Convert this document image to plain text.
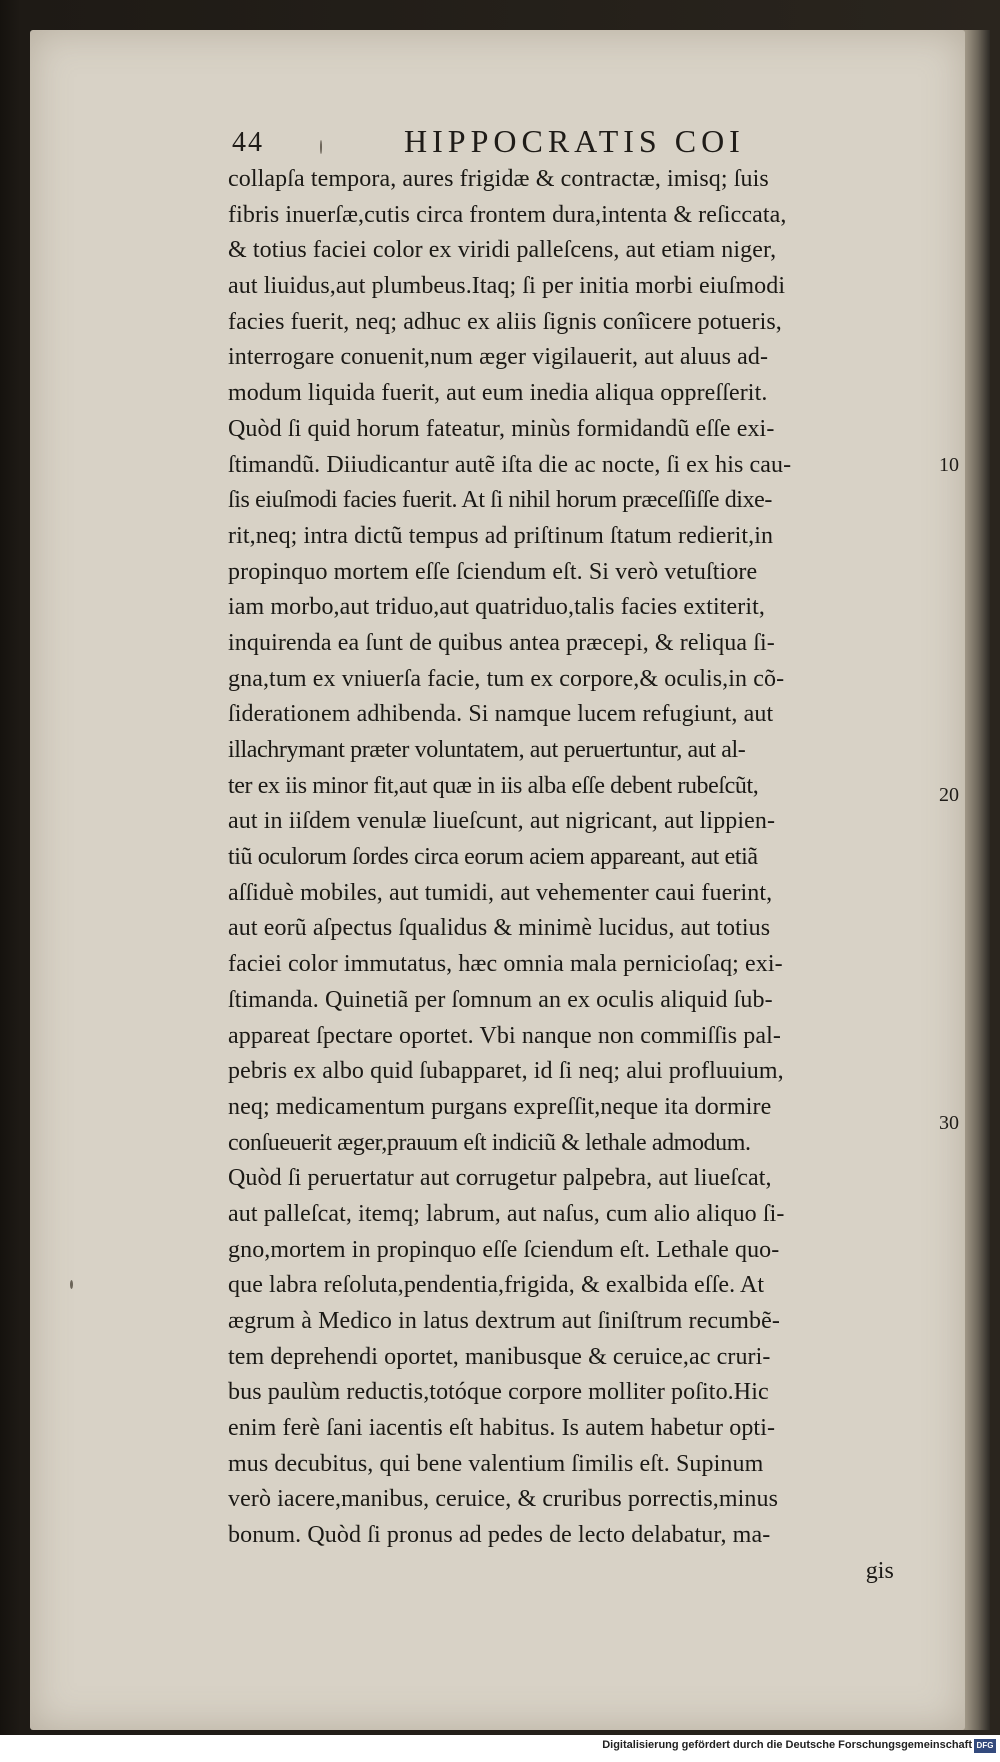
44	HIPPOCRATIS COI
collapſa tempora, aures frigidæ & contractæ, imisq; ſuis
fibris inuerſæ,cutis circa frontem dura,intenta & reſiccata,
& totius faciei color ex viridi palleſcens, aut etiam niger,
aut liuidus,aut plumbeus.Itaq; ſi per initia morbi eiuſmodi
facies fuerit, neq; adhuc ex aliis ſignis conîicere potueris,
interrogare conuenit,num æger vigilauerit, aut aluus ad-
modum liquida fuerit, aut eum inedia aliqua oppreſſerit.
Quòd ſi quid horum fateatur, minùs formidandũ eſſe exi-
ſtimandũ. Diiudicantur autẽ iſta die ac nocte, ſi ex his cau-
ſis eiuſmodi facies fuerit. At ſi nihil horum præceſſiſſe dixe-
rit,neq; intra dictũ tempus ad priſtinum ſtatum redierit,in
propinquo mortem eſſe ſciendum eſt. Si verò vetuſtiore
iam morbo,aut triduo,aut quatriduo,talis facies extiterit,
inquirenda ea ſunt de quibus antea præcepi, & reliqua ſi-
gna,tum ex vniuerſa facie, tum ex corpore,& oculis,in cõ-
ſiderationem adhibenda. Si namque lucem refugiunt, aut
illachrymant præter voluntatem, aut peruertuntur, aut al-
ter ex iis minor fit,aut quæ in iis alba eſſe debent rubeſcũt,
aut in iiſdem venulæ liueſcunt, aut nigricant, aut lippien-
tiũ oculorum ſordes circa eorum aciem appareant, aut etiã
aſſiduè mobiles, aut tumidi, aut vehementer caui fuerint,
aut eorũ aſpectus ſqualidus & minimè lucidus, aut totius
faciei color immutatus, hæc omnia mala pernicioſaq; exi-
ſtimanda. Quinetiã per ſomnum an ex oculis aliquid ſub-
appareat ſpectare oportet. Vbi nanque non commiſſis pal-
pebris ex albo quid ſubapparet, id ſi neq; alui profluuium,
neq; medicamentum purgans expreſſit,neque ita dormire
conſueuerit æger,prauum eſt indiciũ & lethale admodum.
Quòd ſi peruertatur aut corrugetur palpebra, aut liueſcat,
aut palleſcat, itemq; labrum, aut naſus, cum alio aliquo ſi-
gno,mortem in propinquo eſſe ſciendum eſt. Lethale quo-
que labra reſoluta,pendentia,frigida, & exalbida eſſe. At
ægrum à Medico in latus dextrum aut ſiniſtrum recumbẽ-
tem deprehendi oportet, manibusque & ceruice,ac cruri-
bus paulùm reductis,totóque corpore molliter poſito.Hic
enim ferè ſani iacentis eſt habitus. Is autem habetur opti-
mus decubitus, qui bene valentium ſimilis eſt. Supinum
verò iacere,manibus, ceruice, & cruribus porrectis,minus
bonum. Quòd ſi pronus ad pedes de lecto delabatur, ma-
gis
10
20
30
Digitalisierung gefördert durch die Deutsche Forschungsgemeinschaft DFG
